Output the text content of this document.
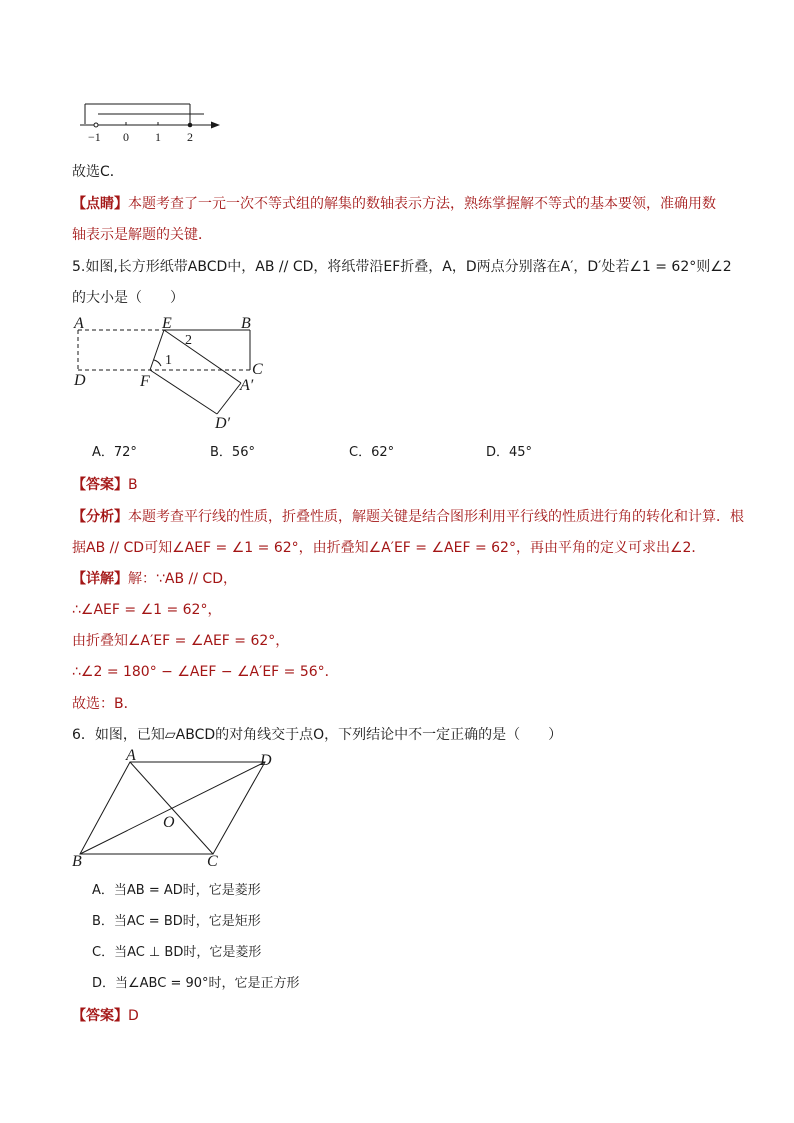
−1 0 1 2
故选C．
【点睛】本题考查了一元一次不等式组的解集的数轴表示方法，熟练掌握解不等式的基本要领，准确用数
轴表示是解题的关键．
5.如图,长方形纸带ABCD中，AB // CD，将纸带沿EF折叠，A，D两点分别落在A′，D′处若∠1 = 62°则∠2
的大小是（　　）
A	E	B
D	F
C
A′
D′
1
2
A．72°	B．56°	C．62°	D．45°
【答案】B
【分析】本题考查平行线的性质，折叠性质，解题关键是结合图形利用平行线的性质进行角的转化和计算．根
据AB // CD可知∠AEF = ∠1 = 62°，由折叠知∠A′EF = ∠AEF = 62°，再由平角的定义可求出∠2．
【详解】解：∵AB // CD，
∴∠AEF = ∠1 = 62°，
由折叠知∠A′EF = ∠AEF = 62°，
∴∠2 = 180° − ∠AEF − ∠A′EF = 56°．
故选：B．
6．如图，已知▱ABCD的对角线交于点O，下列结论中不一定正确的是（　　）
A	D
O
B	C
A．当AB = AD时，它是菱形
B．当AC = BD时，它是矩形
C．当AC ⊥ BD时，它是菱形
D．当∠ABC = 90°时，它是正方形
【答案】D
